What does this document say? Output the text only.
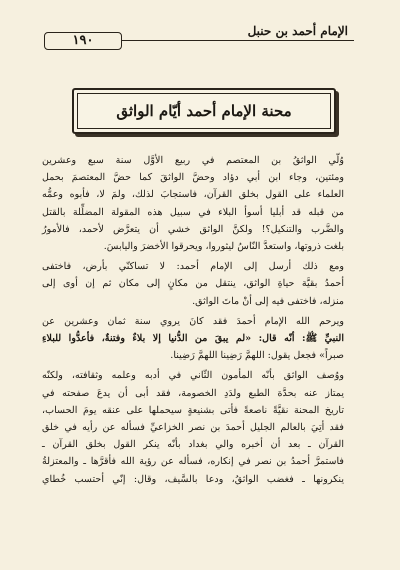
الإمام أحمد بن حنبل
١٩٠
محنة الإمام أحمد أيّام الواثق

وُلّي الواثقُ بن المعتصم في ربيع الأوَّل سنة سبع وعشرين
ومئتين، وجاء ابن أبي دؤاد وحضَّ الواثقَ كما حضَّ المعتصمَ بحمل
العلماء على القول بخلق القرآن، فاستجابَ لذلك، ولمَ لا، فأبوه وعمُّه
من قبله قد أبليا أسوأ البلاء في سبيل هذه المقولة المضلِّلة بالقتل
والضَّرب والتنكيل؟! ولكنَّ الواثق خشي أن يتعرَّض لأحمد، فالأمورُ
بلغت ذروتها، واستعدَّ النّاسُ ليثوروا، ويحرقوا الأخضرَ واليابسَ.

ومع ذلك أرسل إلى الإمام أحمد: لا تساكنّي بأرض، فاختفى
أحمدُ بقيَّة حياةِ الواثق، ينتقل من مكانٍ إلى مكان ثم إن أوى إلى
منزله، فاختفى فيه إلى أنْ ماتَ الواثق.

ويرحم الله الإمام أحمدَ فقد كانَ يروي سنة ثمان وعشرين عن
النبيِّ ﷺ: أنّه قال: «لم يبقَ من الدُّنيا إلا بلاءٌ وفتنةٌ، فأعدُّوا للبلاءِ
صبراً» فجعل يقول: اللهمَّ رَضِينا اللهمَّ رَضِينا.

ووُصف الواثق بأنّه المأمون الثّاني في أدبه وعلمه وثقافته، ولكنّه
يمتاز عنه بحدَّة الطبع ولدَدِ الخصومة، فقد أبى أن يدعَ صفحته في
تاريخ المحنة نقيَّةً ناصعةً فأتى بشنيعةٍ سيحملها على عنقه يومَ الحساب،
فقد أتِيَ بالعالم الجليل أحمدَ بن نصر الخزاعيِّ فسأله عن رأيه في خلق
القرآن ـ بعد أن أخبره والي بغداد بأنّه ينكر القول بخلق القرآن ـ
فاستمرَّ أحمدُ بن نصر في إنكاره، فسأله عن رؤية الله فأقرَّها ـ والمعتزلةُ
ينكرونها ـ فغضب الواثقُ، ودعا بالسَّيف، وقال: إنّي أحتسب خُطاي
